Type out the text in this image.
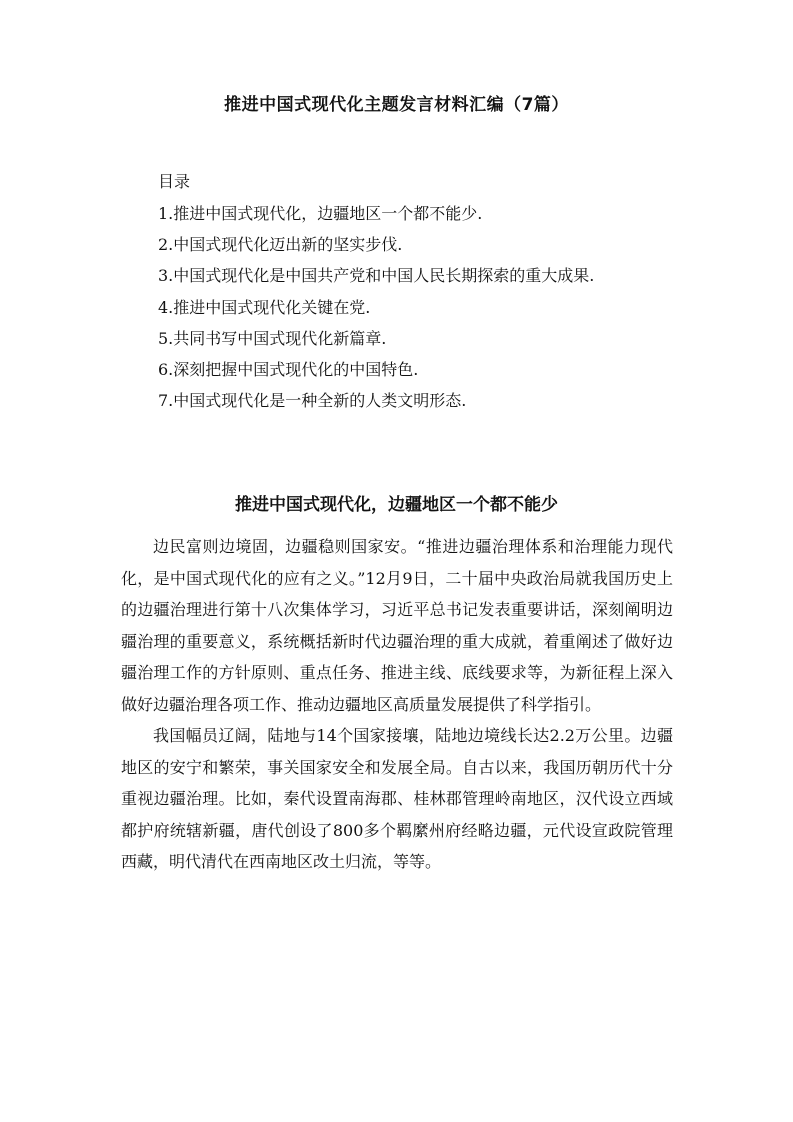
推进中国式现代化主题发言材料汇编（7篇）
目录
1.推进中国式现代化，边疆地区一个都不能少.
2.中国式现代化迈出新的坚实步伐.
3.中国式现代化是中国共产党和中国人民长期探索的重大成果.
4.推进中国式现代化关键在党.
5.共同书写中国式现代化新篇章.
6.深刻把握中国式现代化的中国特色.
7.中国式现代化是一种全新的人类文明形态.
推进中国式现代化，边疆地区一个都不能少

边民富则边境固，边疆稳则国家安。“推进边疆治理体系和治理能力现代化，是中国式现代化的应有之义。”12月9日，二十届中央政治局就我国历史上的边疆治理进行第十八次集体学习，习近平总书记发表重要讲话，深刻阐明边疆治理的重要意义，系统概括新时代边疆治理的重大成就，着重阐述了做好边疆治理工作的方针原则、重点任务、推进主线、底线要求等，为新征程上深入做好边疆治理各项工作、推动边疆地区高质量发展提供了科学指引。

我国幅员辽阔，陆地与14个国家接壤，陆地边境线长达2.2万公里。边疆地区的安宁和繁荣，事关国家安全和发展全局。自古以来，我国历朝历代十分重视边疆治理。比如，秦代设置南海郡、桂林郡管理岭南地区，汉代设立西域都护府统辖新疆，唐代创设了800多个羁縻州府经略边疆，元代设宣政院管理西藏，明代清代在西南地区改土归流，等等。
